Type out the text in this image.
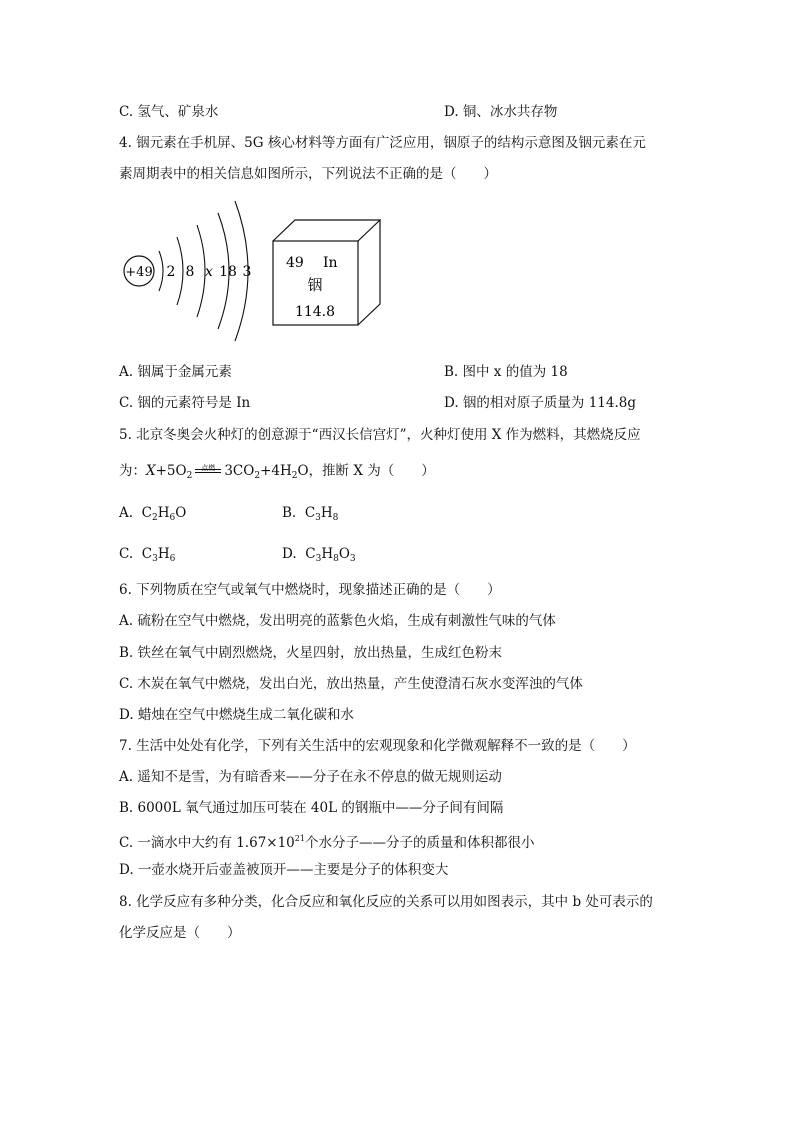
C. 氢气、矿泉水	D. 铜、冰水共存物
4. 铟元素在手机屏、5G 核心材料等方面有广泛应用，铟原子的结构示意图及铟元素在元
素周期表中的相关信息如图所示，下列说法不正确的是（　　）
+49 2 8 x 18 3
49 In
铟
114.8
A. 铟属于金属元素	B. 图中 x 的值为 18
C. 铟的元素符号是 In	D. 铟的相对原子质量为 114.8g
5. 北京冬奥会火种灯的创意源于“西汉长信宫灯”，火种灯使用 X 作为燃料，其燃烧反应
为：$X+5O_2$
点燃 $3CO_2+4H_2O$，推断 X 为（　　）
A. $C_2H_6O$	B. $C_3H_8$
C. $C_3H_6$	D. $C_3H_8O_3$
6. 下列物质在空气或氧气中燃烧时，现象描述正确的是（　　）
A. 硫粉在空气中燃烧，发出明亮的蓝紫色火焰，生成有刺激性气味的气体
B. 铁丝在氧气中剧烈燃烧，火星四射，放出热量，生成红色粉末
C. 木炭在氧气中燃烧，发出白光，放出热量，产生使澄清石灰水变浑浊的气体
D. 蜡烛在空气中燃烧生成二氧化碳和水
7. 生活中处处有化学，下列有关生活中的宏观现象和化学微观解释不一致的是（　　）
A. 遥知不是雪，为有暗香来——分子在永不停息的做无规则运动
B. 6000L 氧气通过加压可装在 40L 的钢瓶中——分子间有间隔
C. 一滴水中大约有 $1.67\times 10^{21}$个水分子——分子的质量和体积都很小
D. 一壶水烧开后壶盖被顶开——主要是分子的体积变大
8. 化学反应有多种分类，化合反应和氧化反应的关系可以用如图表示，其中 b 处可表示的
化学反应是（　　）
